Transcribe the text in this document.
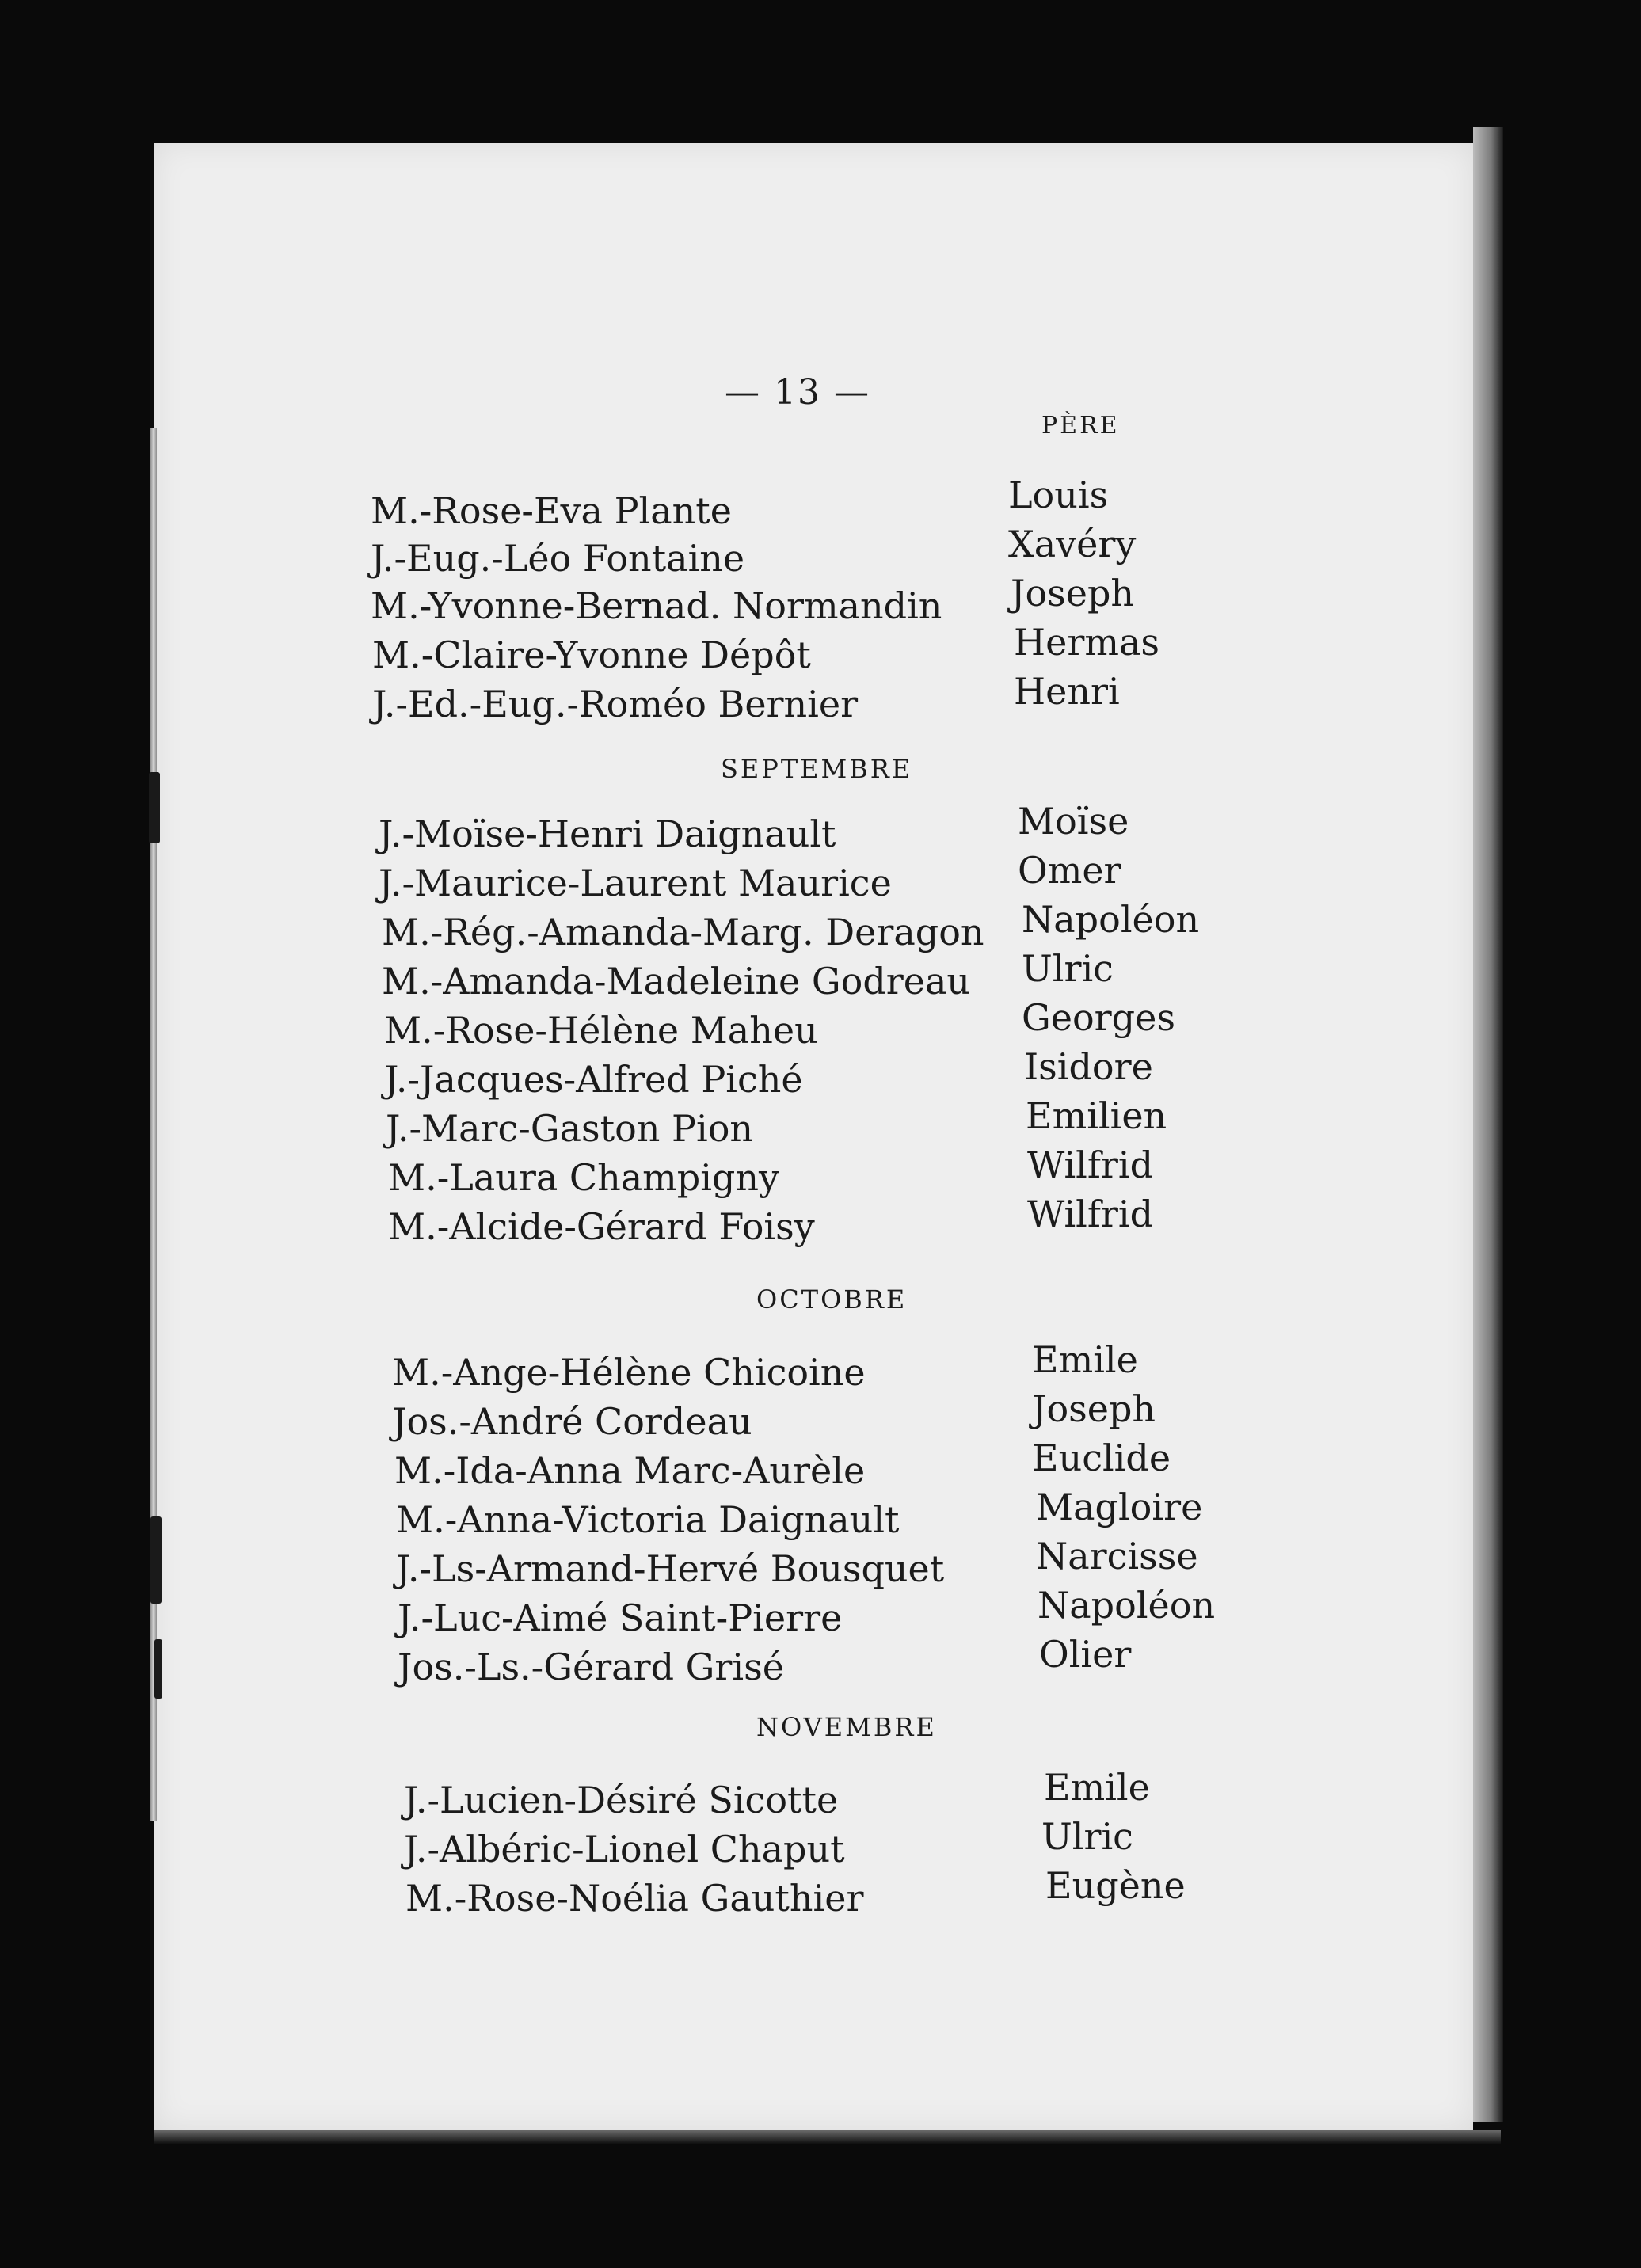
— 13 —
PÈRE
M.-Rose-Eva Plante	Louis
J.-Eug.-Léo Fontaine	Xavéry
M.-Yvonne-Bernad. Normandin Joseph
M.-Claire-Yvonne Dépôt	Hermas
J.-Ed.-Eug.-Roméo Bernier	Henri
SEPTEMBRE
J.-Moïse-Henri Daignault	Moïse
J.-Maurice-Laurent Maurice	Omer
M.-Rég.-Amanda-Marg. Deragon Napoléon
M.-Amanda-Madeleine Godreau Ulric
M.-Rose-Hélène Maheu	Georges
J.-Jacques-Alfred Piché	Isidore
J.-Marc-Gaston Pion	Emilien
M.-Laura Champigny	Wilfrid
M.-Alcide-Gérard Foisy	Wilfrid
OCTOBRE
M.-Ange-Hélène Chicoine	Emile
Jos.-André Cordeau	Joseph
M.-Ida-Anna Marc-Aurèle	Euclide
M.-Anna-Victoria Daignault	Magloire
J.-Ls-Armand-Hervé Bousquet	Narcisse
J.-Luc-Aimé Saint-Pierre	Napoléon
Jos.-Ls.-Gérard Grisé	Olier
NOVEMBRE
J.-Lucien-Désiré Sicotte	Emile
J.-Albéric-Lionel Chaput	Ulric
M.-Rose-Noélia Gauthier	Eugène
